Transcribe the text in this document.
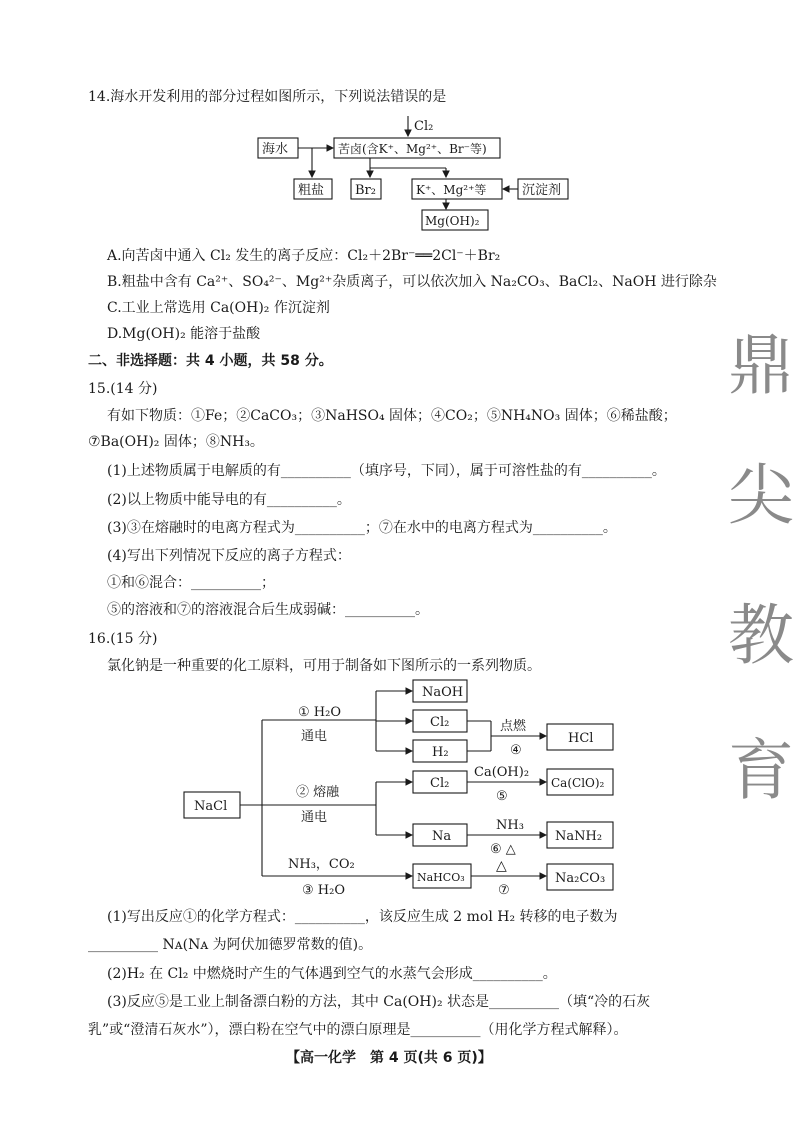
14.海水开发利用的部分过程如图所示，下列说法错误的是
Cl₂
海水	苦卤(含K⁺、Mg²⁺、Br⁻等)
粗盐 Br₂	K⁺、Mg²⁺等	沉淀剂
Mg(OH)₂
A.向苦卤中通入 Cl₂ 发生的离子反应：Cl₂＋2Br⁻══2Cl⁻＋Br₂
B.粗盐中含有 Ca²⁺、SO₄²⁻、Mg²⁺杂质离子，可以依次加入 Na₂CO₃、BaCl₂、NaOH 进行除杂
C.工业上常选用 Ca(OH)₂ 作沉淀剂
D.Mg(OH)₂ 能溶于盐酸
二、非选择题：共 4 小题，共 58 分。
15.(14 分)
有如下物质：①Fe；②CaCO₃；③NaHSO₄ 固体；④CO₂；⑤NH₄NO₃ 固体；⑥稀盐酸；
⑦Ba(OH)₂ 固体；⑧NH₃。
(1)上述物质属于电解质的有__________（填序号，下同），属于可溶性盐的有__________。
(2)以上物质中能导电的有__________。
(3)③在熔融时的电离方程式为__________；⑦在水中的电离方程式为__________。
(4)写出下列情况下反应的离子方程式：
①和⑥混合：__________；
⑤的溶液和⑦的溶液混合后生成弱碱：__________。
16.(15 分)
氯化钠是一种重要的化工原料，可用于制备如下图所示的一系列物质。
NaCl
① H₂O
通电
NaOH
Cl₂
H₂
点燃
④
HCl
② 熔融
通电
Cl₂
Ca(OH)₂
⑤
Ca(ClO)₂
Na
NH₃
⑥ △
NaNH₂
NH₃，CO₂
③ H₂O
NaHCO₃
△
⑦
Na₂CO₃
(1)写出反应①的化学方程式：__________，该反应生成 2 mol H₂ 转移的电子数为
__________ Nᴀ(Nᴀ 为阿伏加德罗常数的值)。
(2)H₂ 在 Cl₂ 中燃烧时产生的气体遇到空气的水蒸气会形成__________。
(3)反应⑤是工业上制备漂白粉的方法，其中 Ca(OH)₂ 状态是__________（填“冷的石灰
乳”或“澄清石灰水”），漂白粉在空气中的漂白原理是__________（用化学方程式解释）。
【高一化学　第 4 页(共 6 页)】
鼎
尖
教
育
